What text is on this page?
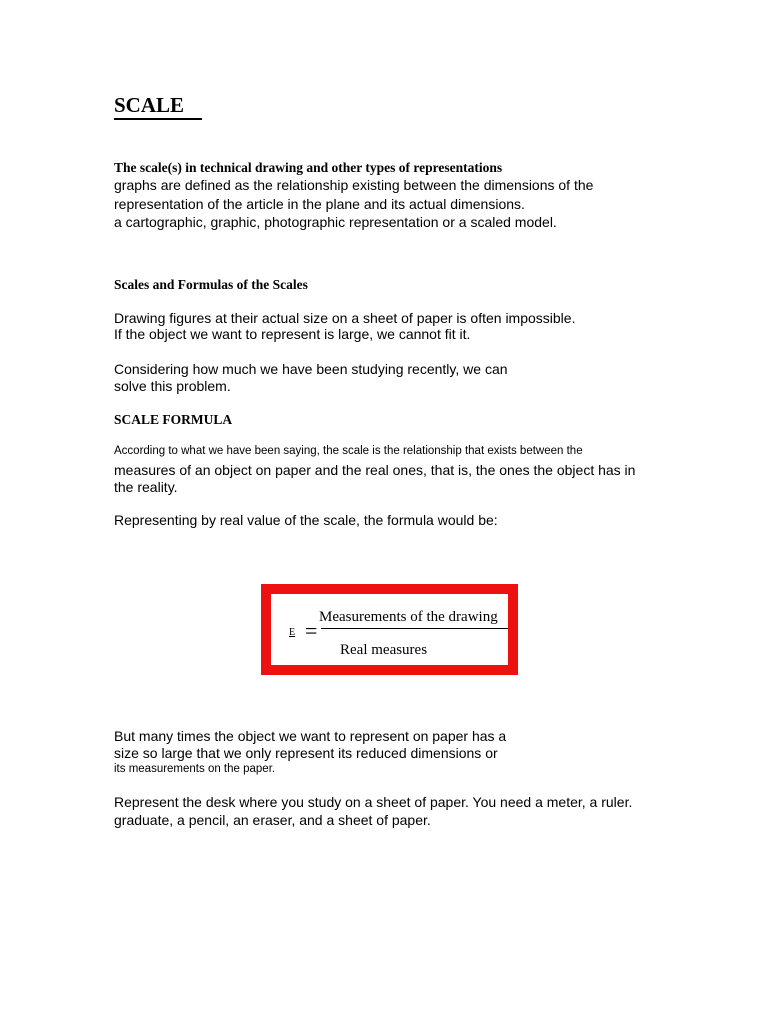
SCALE
The scale(s) in technical drawing and other types of representations
graphs are defined as the relationship existing between the dimensions of the
representation of the article in the plane and its actual dimensions.
a cartographic, graphic, photographic representation or a scaled model.
Scales and Formulas of the Scales
Drawing figures at their actual size on a sheet of paper is often impossible.
If the object we want to represent is large, we cannot fit it.
Considering how much we have been studying recently, we can
solve this problem.
SCALE FORMULA
According to what we have been saying, the scale is the relationship that exists between the
measures of an object on paper and the real ones, that is, the ones the object has in
the reality.
Representing by real value of the scale, the formula would be:
E =
Measurements of the drawing
Real measures
But many times the object we want to represent on paper has a
size so large that we only represent its reduced dimensions or
its measurements on the paper.
Represent the desk where you study on a sheet of paper. You need a meter, a ruler.
graduate, a pencil, an eraser, and a sheet of paper.
